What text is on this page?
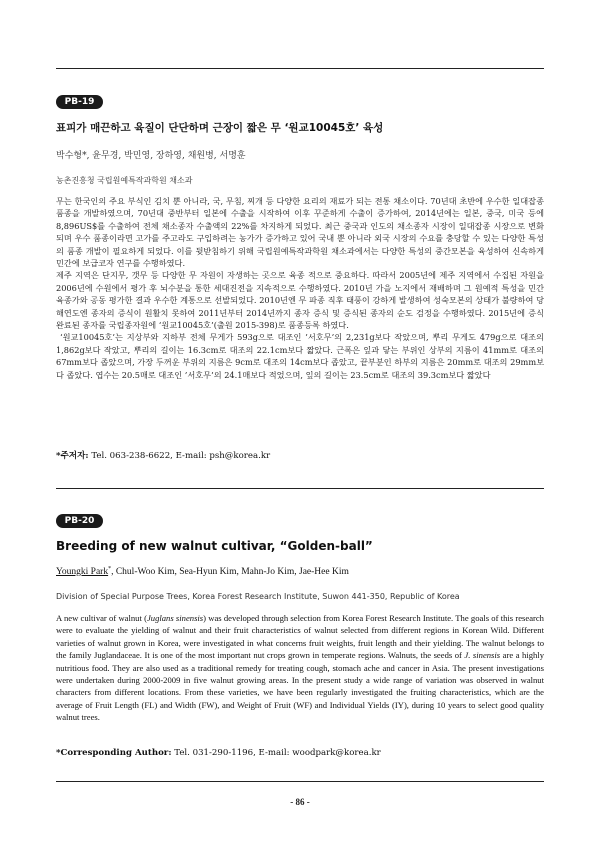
PB-19
표피가 매끈하고 육질이 단단하며 근장이 짧은 무 ‘원교10045호’ 육성
박수형*, 윤무경, 박민영, 장하영, 채원병, 서명훈
농촌진흥청 국립원예특작과학원 채소과

무는 한국인의 주요 부식인 김치 뿐 아니라, 국, 무침, 찌개 등 다양한 요리의 재료가 되는 전통 채소이다. 70년대 초반에 우수한 일대잡종 품종을 개발하였으며, 70년대 중반부터 일본에 수출을 시작하여 이후 꾸준하게 수출이 증가하여, 2014년에는 일본, 중국, 미국 등에 8,896US$를 수출하여 전체 채소종자 수출액의 22%를 차지하게 되었다. 최근 중국과 인도의 채소종자 시장이 일대잡종 시장으로 변화되며 우수 품종이라면 고가를 주고라도 구입하려는 농가가 증가하고 있어 국내 뿐 아니라 외국 시장의 수요를 충당할 수 있는 다양한 특성의 품종 개발이 필요하게 되었다. 이를 뒷받침하기 위해 국립원예특작과학원 채소과에서는 다양한 특성의 중간모본을 육성하여 신속하게 민간에 보급코자 연구를 수행하였다.

제주 지역은 단지무, 갯무 등 다양한 무 자원이 자생하는 곳으로 육종 적으로 중요하다. 따라서 2005년에 제주 지역에서 수집된 자원을 2006년에 수원에서 평가 후 뇌수분을 통한 세대진전을 지속적으로 수행하였다. 2010년 가을 노지에서 재배하며 그 원예적 특성을 민간 육종가와 공동 평가한 결과 우수한 계통으로 선발되었다. 2010년엔 무 파종 직후 태풍이 강하게 발생하여 성숙모본의 상태가 불량하여 당해연도엔 종자의 증식이 원활치 못하여 2011년부터 2014년까지 종자 증식 및 증식된 종자의 순도 검정을 수행하였다. 2015년에 증식 완료된 종자를 국립종자원에 ‘원교10045호’(출원 2015-398)로 품종등록 하였다.

‘원교10045호’는 지상부와 지하부 전체 무게가 593g으로 대조인 ’서호무’의 2,231g보다 작았으며, 뿌리 무게도 479g으로 대조의 1,862g보다 작았고, 뿌리의 길이는 16.3cm로 대조의 22.1cm보다 짧았다. 근폭은 잎과 닿는 부위인 상부의 지름이 41mm로 대조의 67mm보다 좁았으며, 가장 두꺼운 부위의 지름은 9cm로 대조의 14cm보다 좁았고, 끝부분인 하부의 지름은 20mm로 대조의 29mm보다 좁았다. 엽수는 20.5매로 대조인 ’서호무’의 24.1매보다 적었으며, 잎의 길이는 23.5cm로 대조의 39.3cm보다 짧았다

*주저자: Tel. 063-238-6622, E-mail: psh@korea.kr
PB-20
Breeding of new walnut cultivar, “Golden-ball”
Youngki Park*, Chul-Woo Kim, Sea-Hyun Kim, Mahn-Jo Kim, Jae-Hee Kim
Division of Special Purpose Trees, Korea Forest Research Institute, Suwon 441-350, Republic of Korea
A new cultivar of walnut (Juglans sinensis) was developed through selection from Korea Forest Research Institute. The goals of this research were to evaluate the yielding of walnut and their fruit characteristics of walnut selected from different regions in Korean Wild. Different varieties of walnut grown in Korea, were investigated in what concerns fruit weights, fruit length and their yielding. The walnut belongs to the family Juglandaceae. It is one of the most important nut crops grown in temperate regions. Walnuts, the seeds of J. sinensis are a highly nutritious food. They are also used as a traditional remedy for treating cough, stomach ache and cancer in Asia. The present investigations were undertaken during 2000-2009 in five walnut growing areas. In the present study a wide range of variation was observed in walnut characters from different locations. From these varieties, we have been regularly investigated the fruiting characteristics, which are the average of Fruit Length (FL) and Width (FW), and Weight of Fruit (WF) and Individual Yields (IY), during 10 years to select good quality walnut trees.
*Corresponding Author: Tel. 031-290-1196, E-mail: woodpark@korea.kr
- 86 -
